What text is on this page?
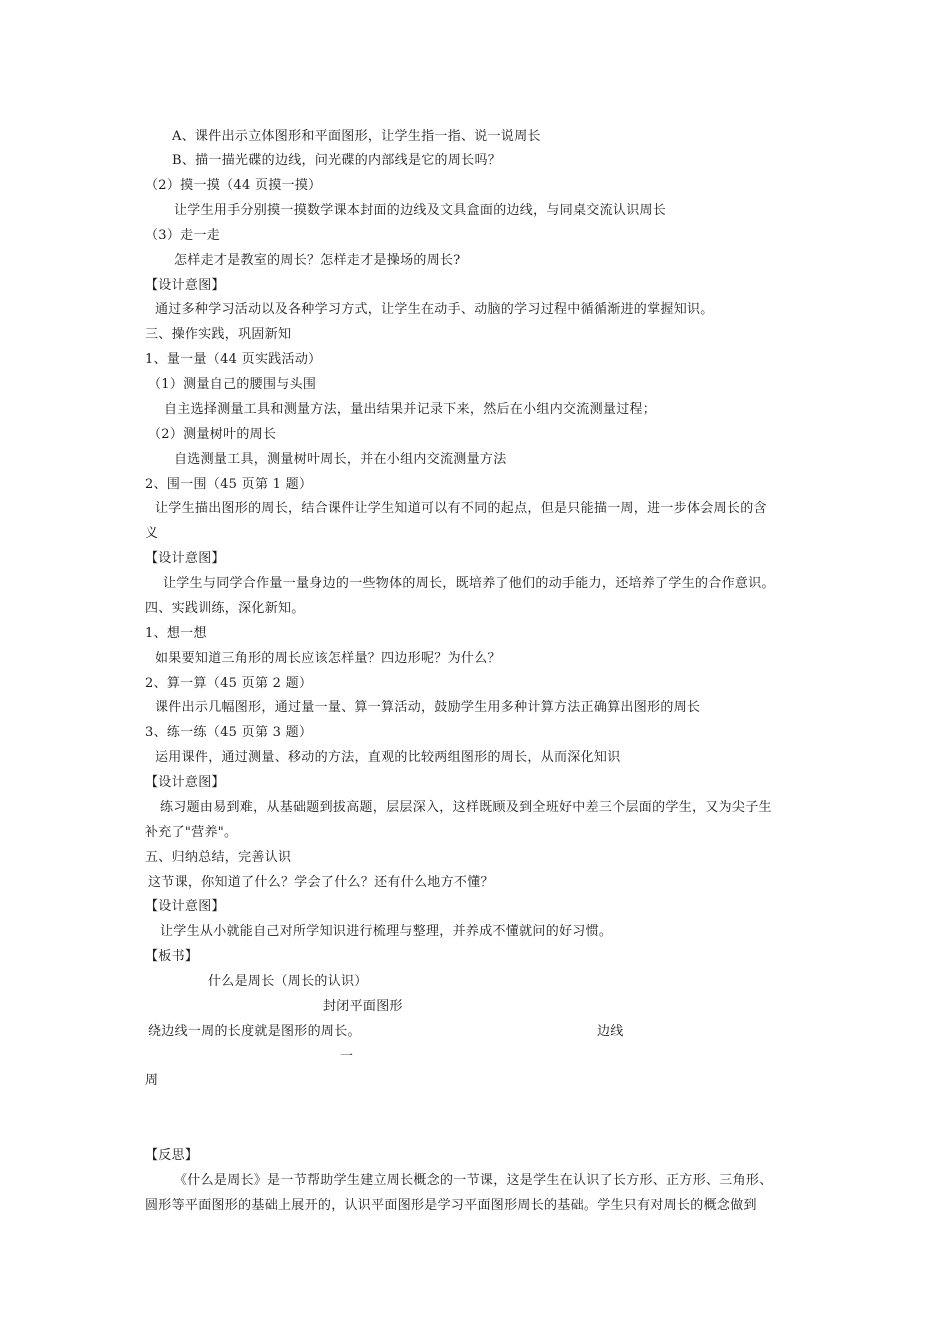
A、课件出示立体图形和平面图形，让学生指一指、说一说周长
B、描一描光碟的边线，问光碟的内部线是它的周长吗？
（2）摸一摸（44 页摸一摸）
让学生用手分别摸一摸数学课本封面的边线及文具盒面的边线，与同桌交流认识周长
（3）走一走
怎样走才是教室的周长？怎样走才是操场的周长?
【设计意图】
通过多种学习活动以及各种学习方式，让学生在动手、动脑的学习过程中循循渐进的掌握知识。
三、操作实践，巩固新知
1、量一量（44 页实践活动）
（1）测量自己的腰围与头围
自主选择测量工具和测量方法，量出结果并记录下来，然后在小组内交流测量过程；
（2）测量树叶的周长
自选测量工具，测量树叶周长，并在小组内交流测量方法
2、围一围（45 页第 1 题）
让学生描出图形的周长，结合课件让学生知道可以有不同的起点，但是只能描一周，进一步体会周长的含
义
【设计意图】
让学生与同学合作量一量身边的一些物体的周长，既培养了他们的动手能力，还培养了学生的合作意识。
四、实践训练，深化新知。
1、想一想
如果要知道三角形的周长应该怎样量？四边形呢？为什么？
2、算一算（45 页第 2 题）
课件出示几幅图形，通过量一量、算一算活动，鼓励学生用多种计算方法正确算出图形的周长
3、练一练（45 页第 3 题）
运用课件，通过测量、移动的方法，直观的比较两组图形的周长，从而深化知识
【设计意图】
练习题由易到难，从基础题到拔高题，层层深入，这样既顾及到全班好中差三个层面的学生，又为尖子生
补充了"营养"。
五、归纳总结，完善认识
这节课，你知道了什么？学会了什么？还有什么地方不懂？
【设计意图】
让学生从小就能自己对所学知识进行梳理与整理，并养成不懂就问的好习惯。
【板书】
什么是周长（周长的认识）
封闭平面图形
绕边线一周的长度就是图形的周长。	边线
一
周
【反思】
《什么是周长》是一节帮助学生建立周长概念的一节课，这是学生在认识了长方形、正方形、三角形、
圆形等平面图形的基础上展开的，认识平面图形是学习平面图形周长的基础。学生只有对周长的概念做到
